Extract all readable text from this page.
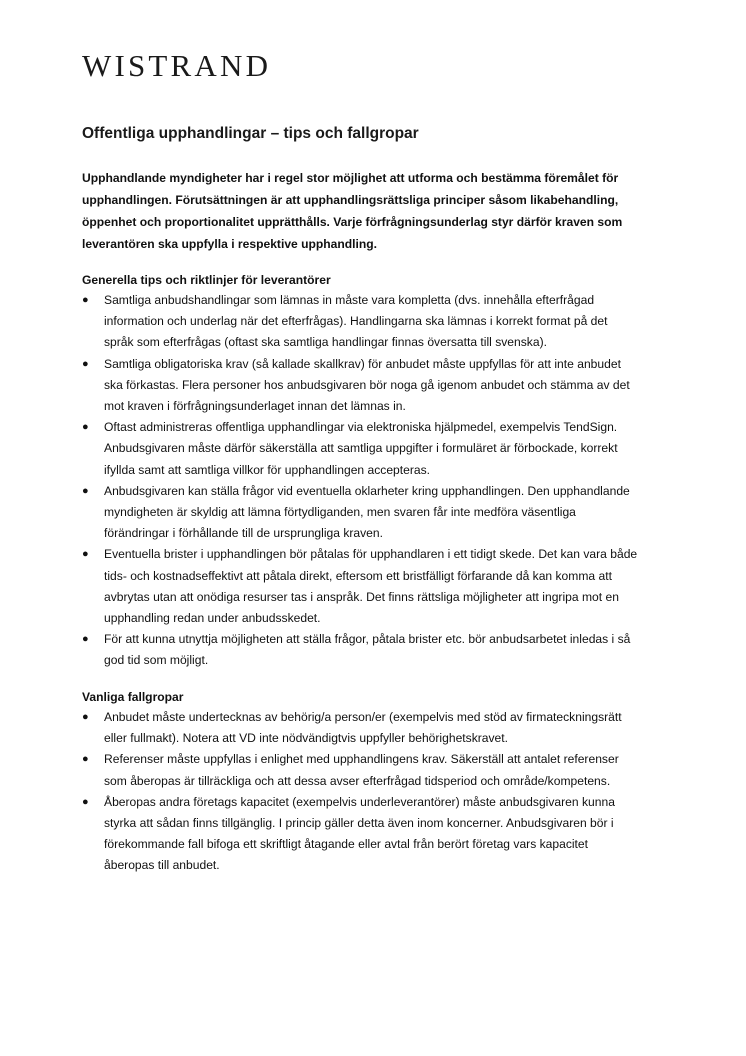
WISTRAND
Offentliga upphandlingar – tips och fallgropar
Upphandlande myndigheter har i regel stor möjlighet att utforma och bestämma föremålet för
upphandlingen. Förutsättningen är att upphandlingsrättsliga principer såsom likabehandling,
öppenhet och proportionalitet upprätthålls. Varje förfrågningsunderlag styr därför kraven som
leverantören ska uppfylla i respektive upphandling.
Generella tips och riktlinjer för leverantörer
● Samtliga anbudshandlingar som lämnas in måste vara kompletta (dvs. innehålla efterfrågad
information och underlag när det efterfrågas). Handlingarna ska lämnas i korrekt format på det
språk som efterfrågas (oftast ska samtliga handlingar finnas översatta till svenska).
● Samtliga obligatoriska krav (så kallade skallkrav) för anbudet måste uppfyllas för att inte anbudet
ska förkastas. Flera personer hos anbudsgivaren bör noga gå igenom anbudet och stämma av det
mot kraven i förfrågningsunderlaget innan det lämnas in.
● Oftast administreras offentliga upphandlingar via elektroniska hjälpmedel, exempelvis TendSign.
Anbudsgivaren måste därför säkerställa att samtliga uppgifter i formuläret är förbockade, korrekt
ifyllda samt att samtliga villkor för upphandlingen accepteras.
● Anbudsgivaren kan ställa frågor vid eventuella oklarheter kring upphandlingen. Den upphandlande
myndigheten är skyldig att lämna förtydliganden, men svaren får inte medföra väsentliga
förändringar i förhållande till de ursprungliga kraven.
● Eventuella brister i upphandlingen bör påtalas för upphandlaren i ett tidigt skede. Det kan vara både
tids- och kostnadseffektivt att påtala direkt, eftersom ett bristfälligt förfarande då kan komma att
avbrytas utan att onödiga resurser tas i anspråk. Det finns rättsliga möjligheter att ingripa mot en
upphandling redan under anbudsskedet.
● För att kunna utnyttja möjligheten att ställa frågor, påtala brister etc. bör anbudsarbetet inledas i så
god tid som möjligt.
Vanliga fallgropar
● Anbudet måste undertecknas av behörig/a person/er (exempelvis med stöd av firmateckningsrätt
eller fullmakt). Notera att VD inte nödvändigtvis uppfyller behörighetskravet.
● Referenser måste uppfyllas i enlighet med upphandlingens krav. Säkerställ att antalet referenser
som åberopas är tillräckliga och att dessa avser efterfrågad tidsperiod och område/kompetens.
● Åberopas andra företags kapacitet (exempelvis underleverantörer) måste anbudsgivaren kunna
styrka att sådan finns tillgänglig. I princip gäller detta även inom koncerner. Anbudsgivaren bör i
förekommande fall bifoga ett skriftligt åtagande eller avtal från berört företag vars kapacitet
åberopas till anbudet.
